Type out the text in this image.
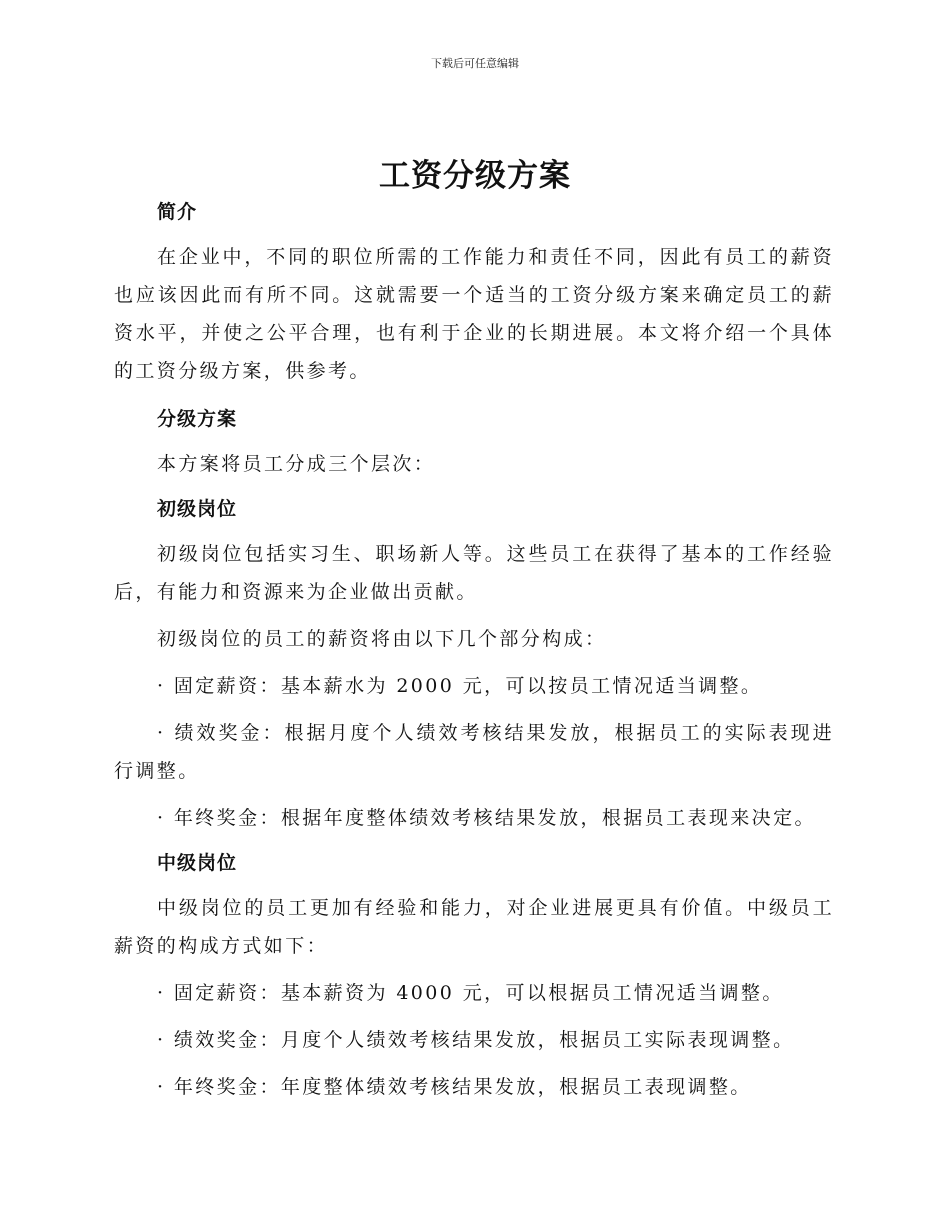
下载后可任意编辑
工资分级方案
简介

在企业中，不同的职位所需的工作能力和责任不同，因此有员工的薪资也应该因此而有所不同。这就需要一个适当的工资分级方案来确定员工的薪资水平，并使之公平合理，也有利于企业的长期进展。本文将介绍一个具体的工资分级方案，供参考。

分级方案

本方案将员工分成三个层次：

初级岗位

初级岗位包括实习生、职场新人等。这些员工在获得了基本的工作经验后，有能力和资源来为企业做出贡献。

初级岗位的员工的薪资将由以下几个部分构成：

· 固定薪资：基本薪水为 2000 元，可以按员工情况适当调整。

· 绩效奖金：根据月度个人绩效考核结果发放，根据员工的实际表现进行调整。

· 年终奖金：根据年度整体绩效考核结果发放，根据员工表现来决定。

中级岗位

中级岗位的员工更加有经验和能力，对企业进展更具有价值。中级员工薪资的构成方式如下：

· 固定薪资：基本薪资为 4000 元，可以根据员工情况适当调整。

· 绩效奖金：月度个人绩效考核结果发放，根据员工实际表现调整。

· 年终奖金：年度整体绩效考核结果发放，根据员工表现调整。
